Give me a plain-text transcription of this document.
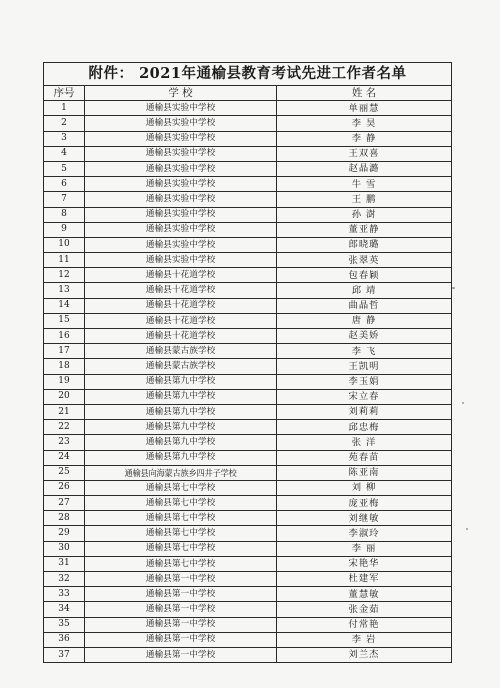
附件： 2021年通榆县教育考试先进工作者名单		
序号	学 校	姓 名
1	通榆县实验中学校	单丽慧
2	通榆县实验中学校	李 昊
3	通榆县实验中学校	李 静
4	通榆县实验中学校	王双喜
5	通榆县实验中学校	赵晶潞
6	通榆县实验中学校	牛 雪
7	通榆县实验中学校	王 鹏
8	通榆县实验中学校	孙 澍
9	通榆县实验中学校	董亚静
10	通榆县实验中学校	郎晓璐
11	通榆县实验中学校	张翠英
12	通榆县十花道学校	包春颖
13	通榆县十花道学校	邱 靖
14	通榆县十花道学校	曲晶哲
15	通榆县十花道学校	唐 静
16	通榆县十花道学校	赵美娇
17	通榆县蒙古族学校	李 飞
18	通榆县蒙古族学校	王凯明
19	通榆县第九中学校	李玉娟
20	通榆县第九中学校	宋立春
21	通榆县第九中学校	刘莉莉
22	通榆县第九中学校	邱忠梅
23	通榆县第九中学校	张 洋
24	通榆县第九中学校	苑春苗
25	通榆县向海蒙古族乡四井子学校	陈亚南
26	通榆县第七中学校	刘 柳
27	通榆县第七中学校	庞亚梅
28	通榆县第七中学校	刘继敏
29	通榆县第七中学校	李淑玲
30	通榆县第七中学校	李 丽
31	通榆县第七中学校	宋艳华
32	通榆县第一中学校	杜建军
33	通榆县第一中学校	董慧敏
34	通榆县第一中学校	张金茹
35	通榆县第一中学校	付常艳
36	通榆县第一中学校	李 岩
37	通榆县第一中学校	刘兰杰
